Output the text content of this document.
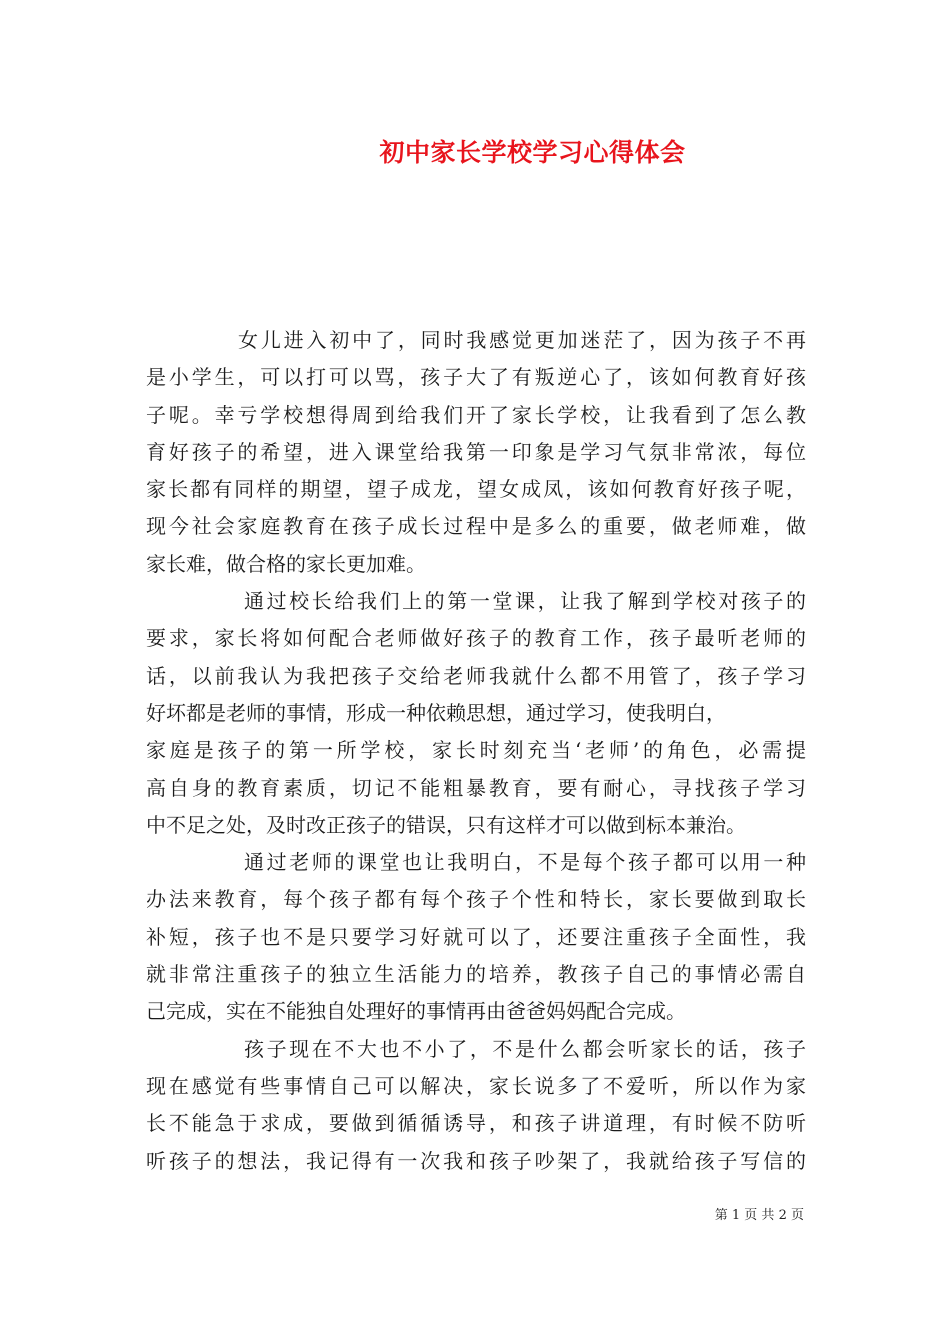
初中家长学校学习心得体会
女儿进入初中了，同时我感觉更加迷茫了，因为孩子不再
是小学生，可以打可以骂，孩子大了有叛逆心了，该如何教育好孩
子呢。幸亏学校想得周到给我们开了家长学校，让我看到了怎么教
育好孩子的希望，进入课堂给我第一印象是学习气氛非常浓，每位
家长都有同样的期望，望子成龙，望女成凤，该如何教育好孩子呢，
现今社会家庭教育在孩子成长过程中是多么的重要，做老师难，做
家长难，做合格的家长更加难。
通过校长给我们上的第一堂课，让我了解到学校对孩子的
要求，家长将如何配合老师做好孩子的教育工作，孩子最听老师的
话，以前我认为我把孩子交给老师我就什么都不用管了，孩子学习
好坏都是老师的事情，形成一种依赖思想，通过学习，使我明白，
家庭是孩子的第一所学校，家长时刻充当‘老师’的角色，必需提
高自身的教育素质，切记不能粗暴教育，要有耐心，寻找孩子学习
中不足之处，及时改正孩子的错误，只有这样才可以做到标本兼治。
通过老师的课堂也让我明白，不是每个孩子都可以用一种
办法来教育，每个孩子都有每个孩子个性和特长，家长要做到取长
补短，孩子也不是只要学习好就可以了，还要注重孩子全面性，我
就非常注重孩子的独立生活能力的培养，教孩子自己的事情必需自
己完成，实在不能独自处理好的事情再由爸爸妈妈配合完成。
孩子现在不大也不小了，不是什么都会听家长的话，孩子
现在感觉有些事情自己可以解决，家长说多了不爱听，所以作为家
长不能急于求成，要做到循循诱导，和孩子讲道理，有时候不防听
听孩子的想法，我记得有一次我和孩子吵架了，我就给孩子写信的
第 1 页 共 2 页
